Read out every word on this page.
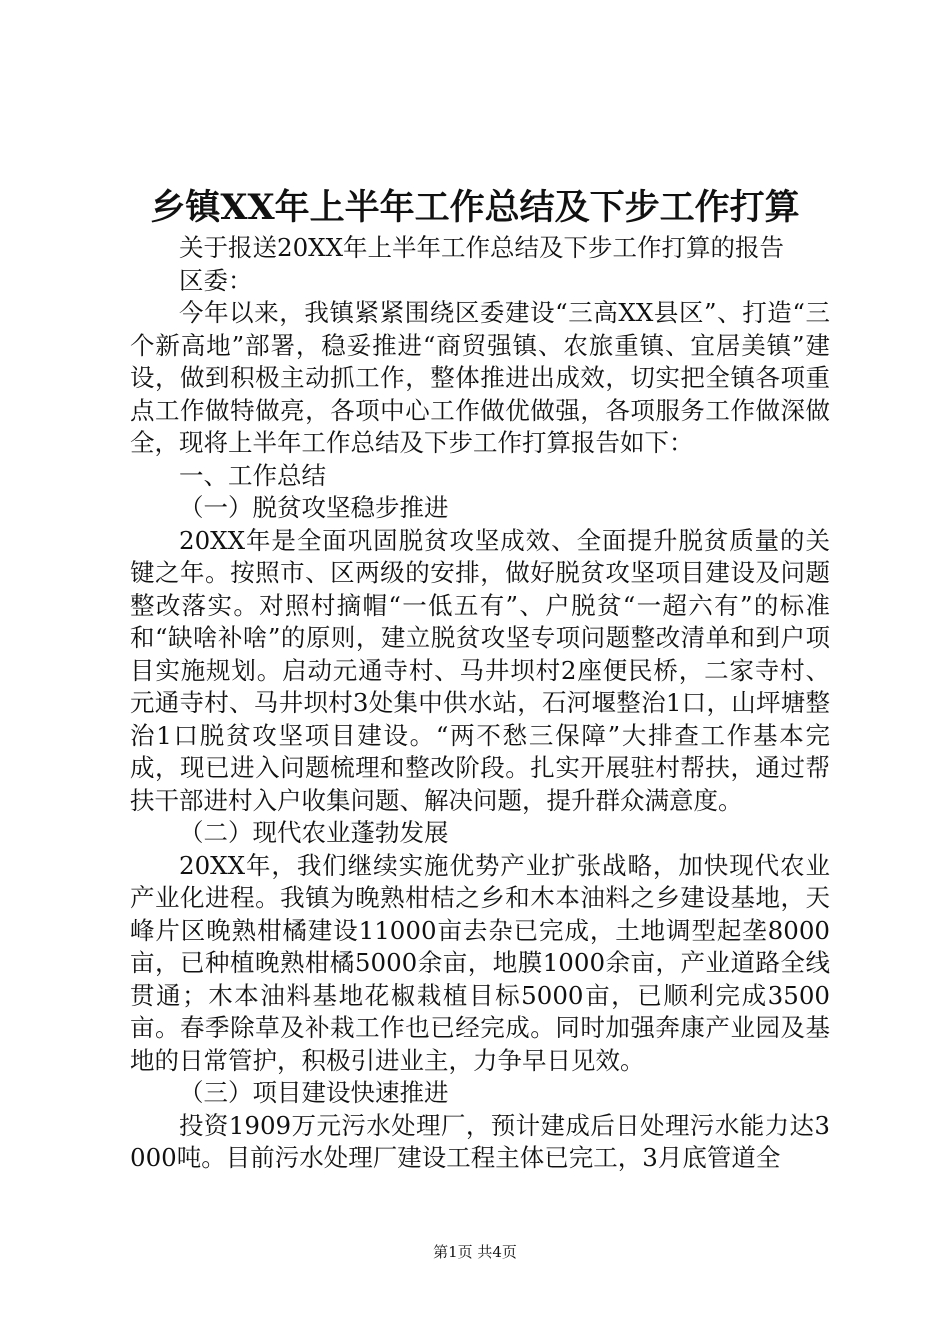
乡镇XX年上半年工作总结及下步工作打算

关于报送20XX年上半年工作总结及下步工作打算的报告

区委：

今年以来，我镇紧紧围绕区委建设“三高XX县区”、打造“三个新高地”部署，稳妥推进“商贸强镇、农旅重镇、宜居美镇”建设，做到积极主动抓工作，整体推进出成效，切实把全镇各项重点工作做特做亮，各项中心工作做优做强，各项服务工作做深做全，现将上半年工作总结及下步工作打算报告如下：

一、工作总结

（一）脱贫攻坚稳步推进

20XX年是全面巩固脱贫攻坚成效、全面提升脱贫质量的关键之年。按照市、区两级的安排，做好脱贫攻坚项目建设及问题整改落实。对照村摘帽“一低五有”、户脱贫“一超六有”的标准和“缺啥补啥”的原则，建立脱贫攻坚专项问题整改清单和到户项目实施规划。启动元通寺村、马井坝村2座便民桥，二家寺村、元通寺村、马井坝村3处集中供水站，石河堰整治1口，山坪塘整治1口脱贫攻坚项目建设。“两不愁三保障”大排查工作基本完成，现已进入问题梳理和整改阶段。扎实开展驻村帮扶，通过帮扶干部进村入户收集问题、解决问题，提升群众满意度。

（二）现代农业蓬勃发展

20XX年，我们继续实施优势产业扩张战略，加快现代农业产业化进程。我镇为晚熟柑桔之乡和木本油料之乡建设基地，天峰片区晚熟柑橘建设11000亩去杂已完成，土地调型起垄8000亩，已种植晚熟柑橘5000余亩，地膜1000余亩，产业道路全线贯通；木本油料基地花椒栽植目标5000亩，已顺利完成3500亩。春季除草及补栽工作也已经完成。同时加强奔康产业园及基地的日常管护，积极引进业主，力争早日见效。

（三）项目建设快速推进

投资1909万元污水处理厂，预计建成后日处理污水能力达3000吨。目前污水处理厂建设工程主体已完工，3月底管道全

第1页 共4页
